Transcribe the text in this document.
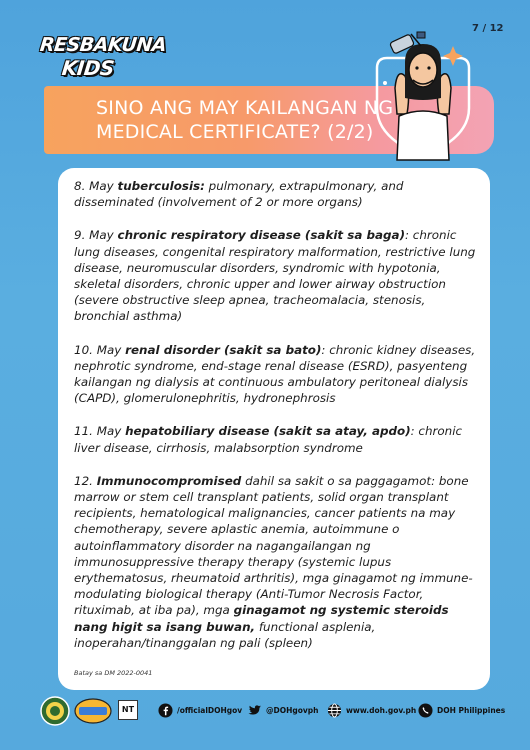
7 / 12
RESBAKUNA
KIDS
SINO ANG MAY KAILANGAN NG
MEDICAL CERTIFICATE? (2/2)
8. May tuberculosis: pulmonary, extrapulmonary, and disseminated (involvement of 2 or more organs)
9. May chronic respiratory disease (sakit sa baga): chronic lung diseases, congenital respiratory malformation, restrictive lung disease, neuromuscular disorders, syndromic with hypotonia, skeletal disorders, chronic upper and lower airway obstruction (severe obstructive sleep apnea, tracheomalacia, stenosis, bronchial asthma)
10. May renal disorder (sakit sa bato): chronic kidney diseases, nephrotic syndrome, end-stage renal disease (ESRD), pasyenteng kailangan ng dialysis at continuous ambulatory peritoneal dialysis (CAPD), glomerulonephritis, hydronephrosis
11. May hepatobiliary disease (sakit sa atay, apdo): chronic liver disease, cirrhosis, malabsorption syndrome
12. Immunocompromised dahil sa sakit o sa paggagamot: bone marrow or stem cell transplant patients, solid organ transplant recipients, hematological malignancies, cancer patients na may chemotherapy, severe aplastic anemia, autoimmune o autoinflammatory disorder na nagangailangan ng immunosuppressive therapy therapy (systemic lupus erythematosus, rheumatoid arthritis), mga ginagamot ng immune-modulating biological therapy (Anti-Tumor Necrosis Factor, rituximab, at iba pa), mga ginagamot ng systemic steroids nang higit sa isang buwan, functional asplenia, inoperahan/tinanggalan ng pali (spleen)
Batay sa DM 2022-0041
NT	/officialDOHgov	@DOHgovph	www.doh.gov.ph	DOH Philippines
